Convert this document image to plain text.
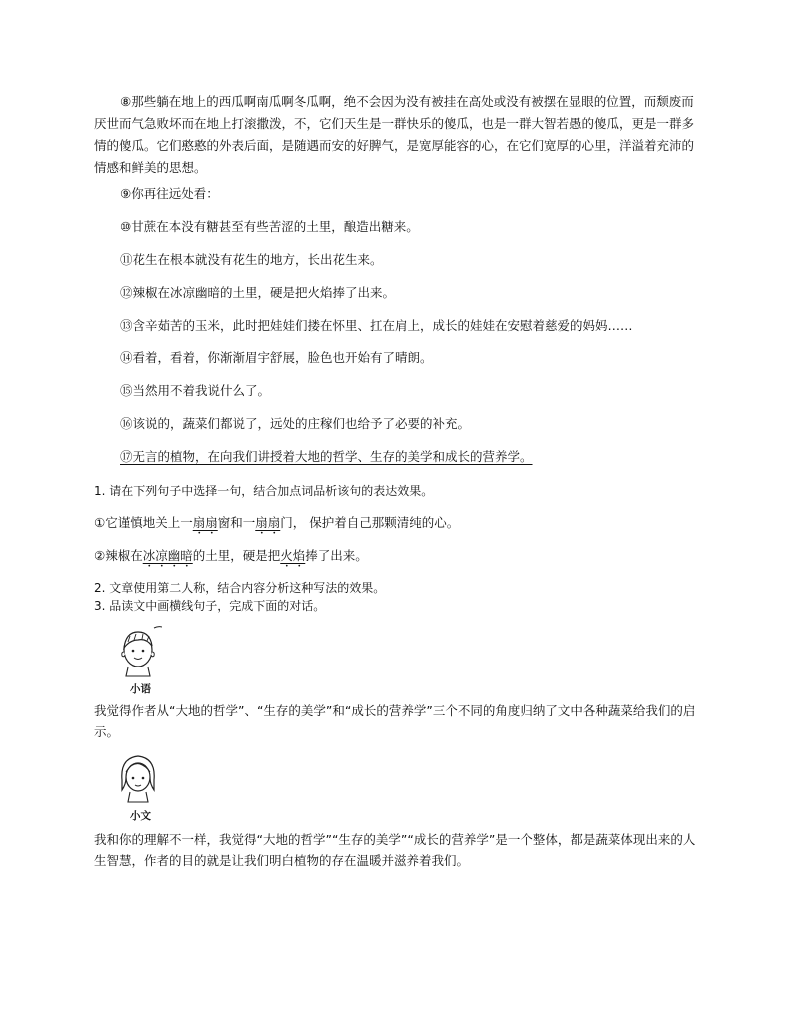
⑧那些躺在地上的西瓜啊南瓜啊冬瓜啊，绝不会因为没有被挂在高处或没有被摆在显眼的位置，而颓废而厌世而气急败坏而在地上打滚撒泼，不，它们天生是一群快乐的傻瓜，也是一群大智若愚的傻瓜，更是一群多情的傻瓜。它们憨憨的外表后面，是随遇而安的好脾气，是宽厚能容的心，在它们宽厚的心里，洋溢着充沛的情感和鲜美的思想。
⑨你再往远处看：
⑩甘蔗在本没有糖甚至有些苦涩的土里，酿造出糖来。
⑪花生在根本就没有花生的地方，长出花生来。
⑫辣椒在冰凉幽暗的土里，硬是把火焰捧了出来。
⑬含辛茹苦的玉米，此时把娃娃们搂在怀里、扛在肩上，成长的娃娃在安慰着慈爱的妈妈……
⑭看着，看着，你渐渐眉宇舒展，脸色也开始有了晴朗。
⑮当然用不着我说什么了。
⑯该说的，蔬菜们都说了，远处的庄稼们也给予了必要的补充。
⑰无言的植物，在向我们讲授着大地的哲学、生存的美学和成长的营养学。
1. 请在下列句子中选择一句，结合加点词品析该句的表达效果。
①它谨慎地关上一扇扇窗和一扇扇门， 保护着自己那颗清纯的心。
②辣椒在冰凉幽暗的土里，硬是把火焰捧了出来。
2. 文章使用第二人称，结合内容分析这种写法的效果。
3. 品读文中画横线句子，完成下面的对话。
小语
我觉得作者从“大地的哲学”、“生存的美学”和“成长的营养学”三个不同的角度归纳了文中各种蔬菜给我们的启示。
小文
我和你的理解不一样，我觉得“大地的哲学”“生存的美学”“成长的营养学”是一个整体，都是蔬菜体现出来的人生智慧，作者的目的就是让我们明白植物的存在温暖并滋养着我们。
